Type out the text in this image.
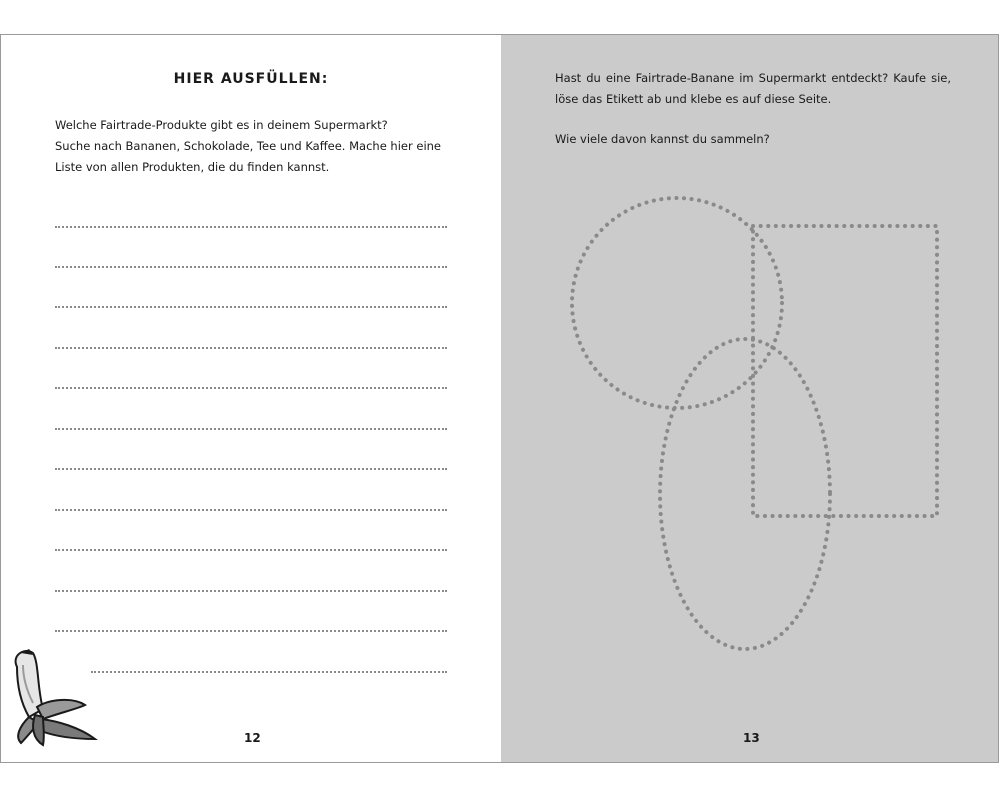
HIER AUSFÜLLEN:

Welche Fairtrade-Produkte gibt es in deinem Supermarkt?

Suche nach Bananen, Schokolade, Tee und Kaffee. Mache hier eine Liste von allen Produkten, die du finden kannst.

12

Hast du eine Fairtrade-Banane im Supermarkt entdeckt? Kaufe sie, löse das Etikett ab und klebe es auf diese Seite.

Wie viele davon kannst du sammeln?

13
